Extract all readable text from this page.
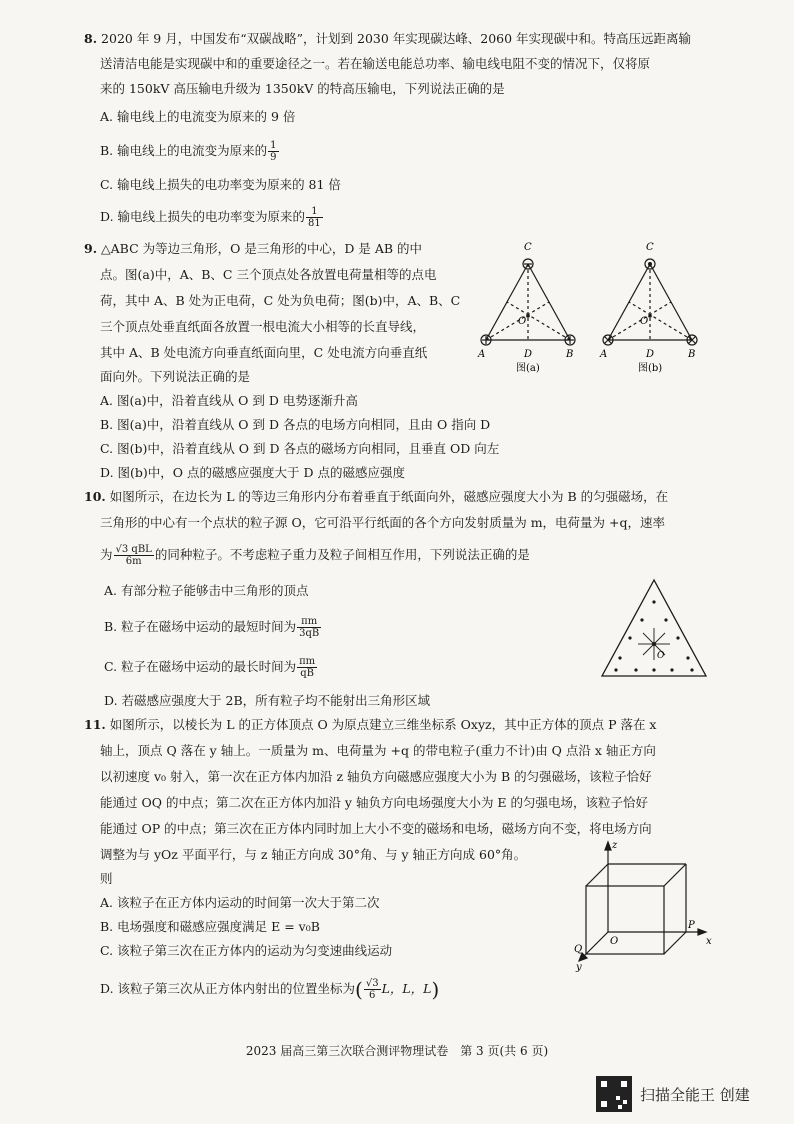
8. 2020 年 9 月，中国发布“双碳战略”，计划到 2030 年实现碳达峰、2060 年实现碳中和。特高压远距离输
送清洁电能是实现碳中和的重要途径之一。若在输送电能总功率、输电线电阻不变的情况下，仅将原
来的 150kV 高压输电升级为 1350kV 的特高压输电，下列说法正确的是
A. 输电线上的电流变为原来的 9 倍
B. 输电线上的电流变为原来的 $\frac{1}{9}$
C. 输电线上损失的电功率变为原来的 81 倍
D. 输电线上损失的电功率变为原来的 $\frac{1}{81}$
9. △ABC 为等边三角形，O 是三角形的中心，D 是 AB 的中
点。图(a)中，A、B、C 三个顶点处各放置电荷量相等的点电
荷，其中 A、B 处为正电荷，C 处为负电荷；图(b)中，A、B、C
三个顶点处垂直纸面各放置一根电流大小相等的长直导线，
其中 A、B 处电流方向垂直纸面向里，C 处电流方向垂直纸
面向外。下列说法正确的是
A. 图(a)中，沿着直线从 O 到 D 电势逐渐升高
B. 图(a)中，沿着直线从 O 到 D 各点的电场方向相同，且由 O 指向 D
C. 图(b)中，沿着直线从 O 到 D 各点的磁场方向相同，且垂直 OD 向左
D. 图(b)中，O 点的磁感应强度大于 D 点的磁感应强度
C
O
A	D	B
图(a)
C
O
A	D	B
图(b)
10. 如图所示，在边长为 L 的等边三角形内分布着垂直于纸面向外，磁感应强度大小为 B 的匀强磁场，在
三角形的中心有一个点状的粒子源 O，它可沿平行纸面的各个方向发射质量为 m，电荷量为 +q，速率
为 $\frac{\text{√3 qBL}}{6m}$ 的同种粒子。不考虑粒子重力及粒子间相互作用，下列说法正确的是
A. 有部分粒子能够击中三角形的顶点
B. 粒子在磁场中运动的最短时间为 $\frac{\pi m}{3qB}$
C. 粒子在磁场中运动的最长时间为 $\frac{\pi m}{qB}$
D. 若磁感应强度大于 2B，所有粒子均不能射出三角形区域
O
11. 如图所示，以棱长为 L 的正方体顶点 O 为原点建立三维坐标系 Oxyz，其中正方体的顶点 P 落在 x
轴上，顶点 Q 落在 y 轴上。一质量为 m、电荷量为 +q 的带电粒子(重力不计)由 Q 点沿 x 轴正方向
以初速度 v₀ 射入，第一次在正方体内加沿 z 轴负方向磁感应强度大小为 B 的匀强磁场，该粒子恰好
能通过 OQ 的中点；第二次在正方体内加沿 y 轴负方向电场强度大小为 E 的匀强电场，该粒子恰好
能通过 OP 的中点；第三次在正方体内同时加上大小不变的磁场和电场，磁场方向不变，将电场方向
调整为与 yOz 平面平行，与 z 轴正方向成 30°角、与 y 轴正方向成 60°角。
则
A. 该粒子在正方体内运动的时间第一次大于第二次
B. 电场强度和磁感应强度满足 E = v₀B
C. 该粒子第三次在正方体内的运动为匀变速曲线运动
D. 该粒子第三次从正方体内射出的位置坐标为( $\frac{√3}{6}$ L，L，L)
z
x
y
O
P
Q
2023 届高三第三次联合测评物理试卷　第 3 页(共 6 页)
扫描全能王 创建
